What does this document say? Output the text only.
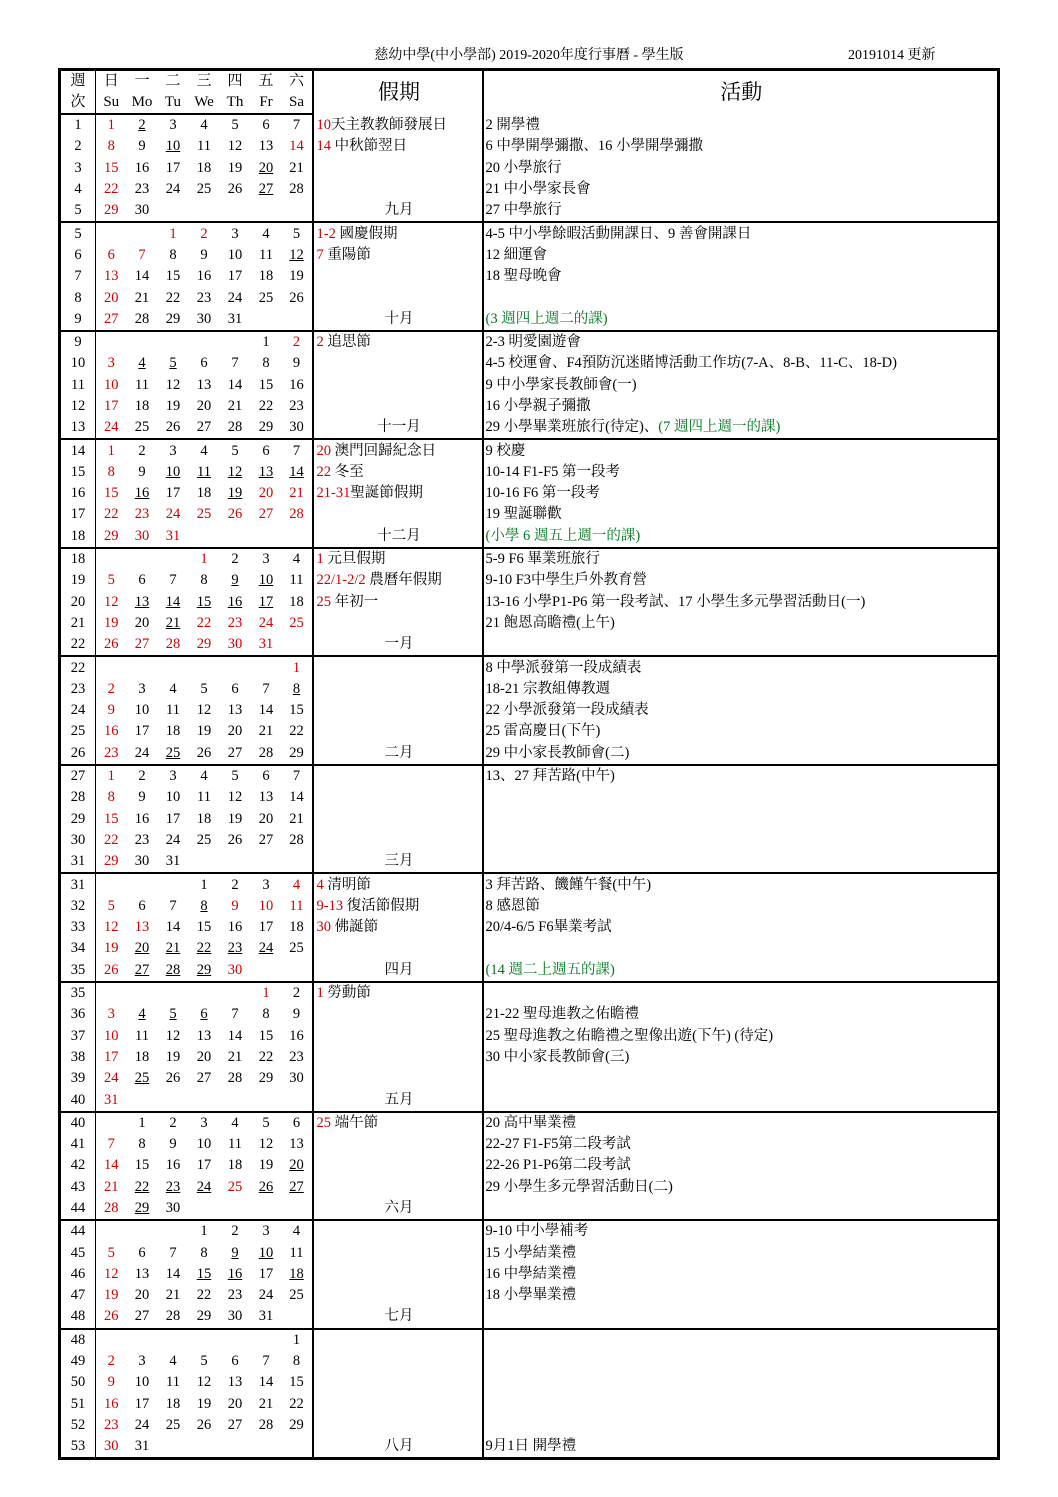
慈幼中學(中小學部) 2019-2020年度行事曆 - 學生版	20191014 更新
週	日	一	二	三	四	五	六	假期	活動
次	Su	Mo	Tu	We	Th	Fr	Sa		
1	1	2	3	4	5	6	7	10天主教教師發展日	2 開學禮
2	8	9	10	11	12	13	14	14 中秋節翌日	6 中學開學彌撒、16 小學開學彌撒
3	15	16	17	18	19	20	21		20 小學旅行
4	22	23	24	25	26	27	28		21 中小學家長會
5	29	30						九月	27 中學旅行
5			1	2	3	4	5	1-2 國慶假期	4-5 中小學餘暇活動開課日、9 善會開課日
6	6	7	8	9	10	11	12	7 重陽節	12 細運會
7	13	14	15	16	17	18	19		18 聖母晚會
8	20	21	22	23	24	25	26		
9	27	28	29	30	31			十月	(3 週四上週二的課)
9						1	2	2 追思節	2-3 明愛園遊會
10	3	4	5	6	7	8	9		4-5 校運會、F4預防沉迷賭博活動工作坊(7-A、8-B、11-C、18-D)
11	10	11	12	13	14	15	16		9 中小學家長教師會(一)
12	17	18	19	20	21	22	23		16 小學親子彌撒
13	24	25	26	27	28	29	30	十一月	29 小學畢業班旅行(待定)、(7 週四上週一的課)
14	1	2	3	4	5	6	7	20 澳門回歸紀念日	9 校慶
15	8	9	10	11	12	13	14	22 冬至	10-14 F1-F5 第一段考
16	15	16	17	18	19	20	21	21-31聖誕節假期	10-16 F6 第一段考
17	22	23	24	25	26	27	28		19 聖誕聯歡
18	29	30	31					十二月	(小學 6 週五上週一的課)
18				1	2	3	4	1 元旦假期	5-9 F6 畢業班旅行
19	5	6	7	8	9	10	11	22/1-2/2 農曆年假期	9-10 F3中學生戶外教育營
20	12	13	14	15	16	17	18	25 年初一	13-16 小學P1-P6 第一段考試、17 小學生多元學習活動日(一)
21	19	20	21	22	23	24	25		21 飽恩高瞻禮(上午)
22	26	27	28	29	30	31		一月	

22							1		8 中學派發第一段成績表
23	2	3	4	5	6	7	8		18-21 宗教組傳教週
24	9	10	11	12	13	14	15		22 小學派發第一段成績表
25	16	17	18	19	20	21	22		25 雷高慶日(下午)
26	23	24	25	26	27	28	29	二月	29 中小家長教師會(二)
27	1	2	3	4	5	6	7		13、27 拜苦路(中午)
28	8	9	10	11	12	13	14		
29	15	16	17	18	19	20	21		
30	22	23	24	25	26	27	28		
31	29	30	31					三月	

31				1	2	3	4	4 清明節	3 拜苦路、饑饉午餐(中午)
32	5	6	7	8	9	10	11	9-13 復活節假期	8 感恩節
33	12	13	14	15	16	17	18	30 佛誕節	20/4-6/5 F6畢業考試
34	19	20	21	22	23	24	25		
35	26	27	28	29	30			四月	(14 週二上週五的課)
35						1	2	1 勞動節	
36	3	4	5	6	7	8	9		21-22 聖母進教之佑瞻禮
37	10	11	12	13	14	15	16		25 聖母進教之佑瞻禮之聖像出遊(下午) (待定)
38	17	18	19	20	21	22	23		30 中小家長教師會(三)
39	24	25	26	27	28	29	30		
40	31							五月	

40		1	2	3	4	5	6	25 端午節	20 高中畢業禮
41	7	8	9	10	11	12	13		22-27 F1-F5第二段考試
42	14	15	16	17	18	19	20		22-26 P1-P6第二段考試
43	21	22	23	24	25	26	27		29 小學生多元學習活動日(二)
44	28	29	30					六月	

44				1	2	3	4		9-10 中小學補考
45	5	6	7	8	9	10	11		15 小學結業禮
46	12	13	14	15	16	17	18		16 中學結業禮
47	19	20	21	22	23	24	25		18 小學畢業禮
48	26	27	28	29	30	31		七月	

48							1		
49	2	3	4	5	6	7	8		
50	9	10	11	12	13	14	15		
51	16	17	18	19	20	21	22		
52	23	24	25	26	27	28	29		
53	30	31						八月	9月1日 開學禮
